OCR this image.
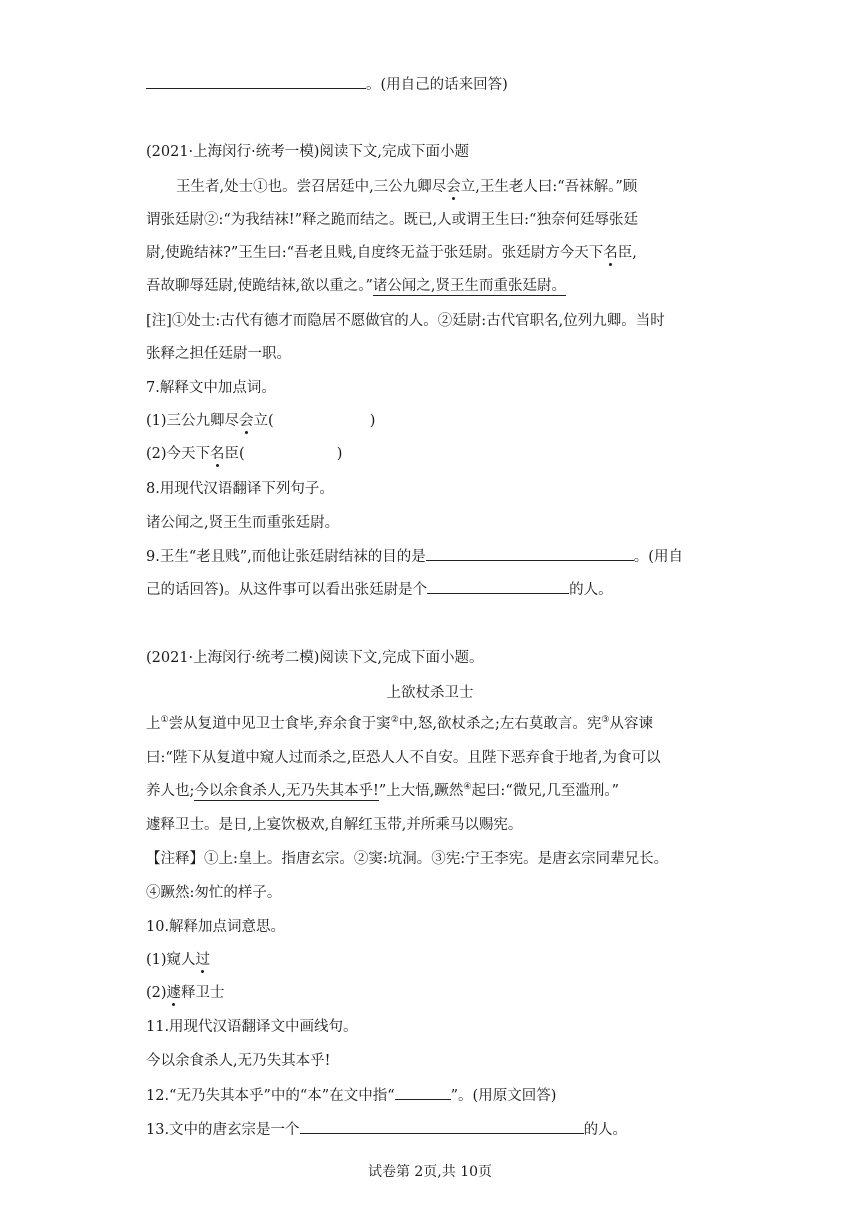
。(用自己的话来回答)
(2021·上海闵行·统考一模)阅读下文,完成下面小题
王生者,处士①也。尝召居廷中,三公九卿尽会立,王生老人曰:“吾袜解。”顾
谓张廷尉②:“为我结袜!”释之跪而结之。既已,人或谓王生曰:“独奈何廷辱张廷
尉,使跪结袜?”王生曰:“吾老且贱,自度终无益于张廷尉。张廷尉方今天下名臣,
吾故聊辱廷尉,使跪结袜,欲以重之。”诸公闻之,贤王生而重张廷尉。
[注]①处士:古代有德才而隐居不愿做官的人。②廷尉:古代官职名,位列九卿。当时
张释之担任廷尉一职。
7.解释文中加点词。
(1)三公九卿尽会立(	)
(2)今天下名臣(	)
8.用现代汉语翻译下列句子。
诸公闻之,贤王生而重张廷尉。
9.王生“老且贱”,而他让张廷尉结袜的目的是	。(用自
己的话回答)。从这件事可以看出张廷尉是个	的人。
(2021·上海闵行·统考二模)阅读下文,完成下面小题。
上欲杖杀卫士
上①尝从复道中见卫士食毕,弃余食于窦②中,怒,欲杖杀之;左右莫敢言。宪③从容谏
曰:“陛下从复道中窥人过而杀之,臣恐人人不自安。且陛下恶弃食于地者,为食可以
养人也;今以余食杀人,无乃失其本乎!”上大悟,蹶然④起曰:“微兄,几至滥刑。”
遽释卫士。是日,上宴饮极欢,自解红玉带,并所乘马以赐宪。
【注释】①上:皇上。指唐玄宗。②窦:坑洞。③宪:宁王李宪。是唐玄宗同辈兄长。
④蹶然:匆忙的样子。
10.解释加点词意思。
(1)窥人过
(2)遽释卫士
11.用现代汉语翻译文中画线句。
今以余食杀人,无乃失其本乎!
12.“无乃失其本乎”中的“本”在文中指“	”。(用原文回答)
13.文中的唐玄宗是一个	的人。
试卷第 2页,共 10页
